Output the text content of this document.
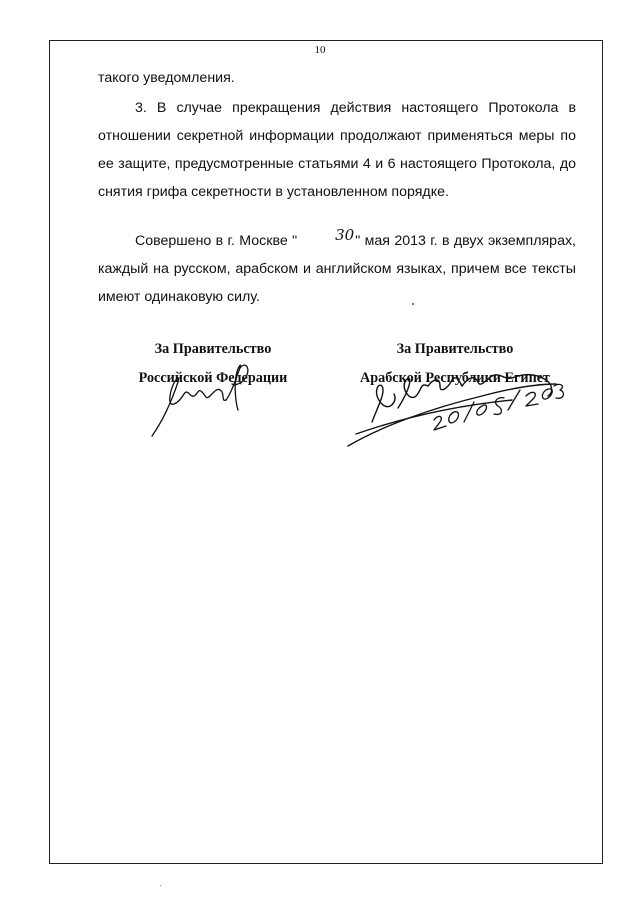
10

такого уведомления.

3. В случае прекращения действия настоящего Протокола в отношении секретной информации продолжают применяться меры по ее защите, предусмотренные статьями 4 и 6 настоящего Протокола, до снятия грифа секретности в установленном порядке.

Совершено в г. Москве "	30" мая 2013 г. в двух экземплярах, каждый на русском, арабском и английском языках, причем все тексты имеют одинаковую силу.

За Правительство
Российской Федерации
За Правительство
Арабской Республики Египет
